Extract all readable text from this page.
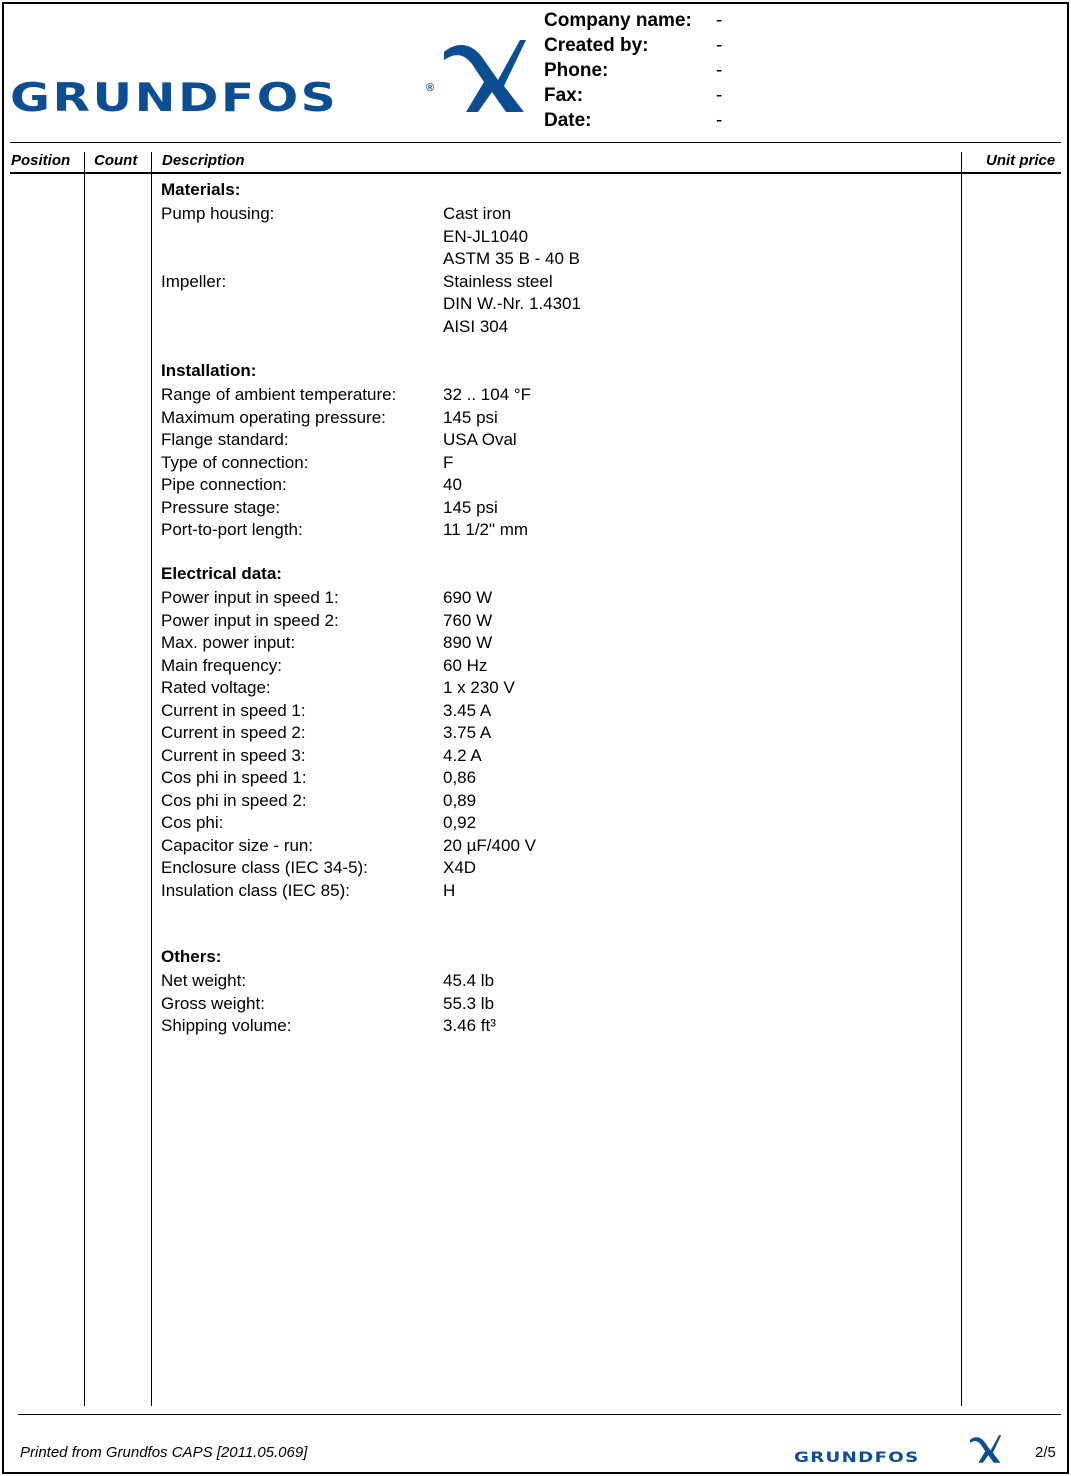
GRUNDFOS	®
Company name: -
Created by:	-
Phone:	-
Fax:	-
Date:	-
Position Count Description	Unit price
Materials:
Pump housing:	Cast iron
EN-JL1040
ASTM 35 B - 40 B
Impeller:	Stainless steel
DIN W.-Nr. 1.4301
AISI 304
Installation:
Range of ambient temperature:	32 .. 104 °F
Maximum operating pressure:	145 psi
Flange standard:	USA Oval
Type of connection:	F
Pipe connection:	40
Pressure stage:	145 psi
Port-to-port length:	11 1/2" mm
Electrical data:
Power input in speed 1:	690 W
Power input in speed 2:	760 W
Max. power input:	890 W
Main frequency:	60 Hz
Rated voltage:	1 x 230 V
Current in speed 1:	3.45 A
Current in speed 2:	3.75 A
Current in speed 3:	4.2 A
Cos phi in speed 1:	0,86
Cos phi in speed 2:	0,89
Cos phi:	0,92
Capacitor size - run:	20 µF/400 V
Enclosure class (IEC 34-5):	X4D
Insulation class (IEC 85):	H
Others:
Net weight:	45.4 lb
Gross weight:	55.3 lb
Shipping volume:	3.46 ft³
Printed from Grundfos CAPS [2011.05.069]	GRUNDFOS	2/5
